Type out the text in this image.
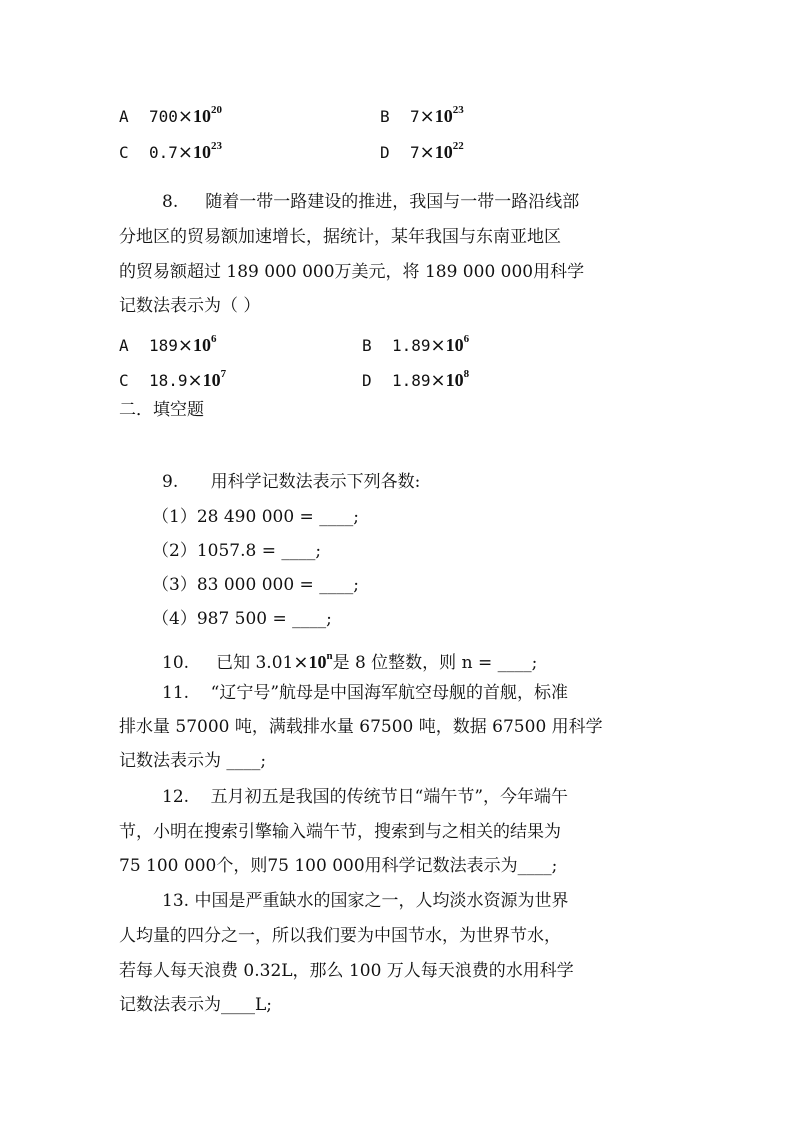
A $700\times 10^{20}$	B $7\times 10^{23}$
C $0.7\times 10^{23}$	D $7\times 10^{22}$
8. 随着一带一路建设的推进，我国与一带一路沿线部
分地区的贸易额加速增长，据统计，某年我国与东南亚地区
的贸易额超过 189 000 000万美元，将 189 000 000用科学
记数法表示为（ ）
A $189\times 10^6$	B $1.89\times 10^6$
C $18.9\times 10^7$	D $1.89\times 10^8$
二．填空题
9. 用科学记数法表示下列各数:
（1）28 490 000 = ____;
（2）1057.8 = ____;
（3）83 000 000 = ____;
（4）987 500 = ____;
10. 已知 $3.01\times 10^n$是 8 位整数，则 n = ____;
11. “辽宁号”航母是中国海军航空母舰的首舰，标准
排水量 57000 吨，满载排水量 67500 吨，数据 67500 用科学
记数法表示为 ____;
12. 五月初五是我国的传统节日“端午节”，今年端午
节，小明在搜索引擎输入端午节，搜索到与之相关的结果为
75 100 000个，则75 100 000用科学记数法表示为____;
13. 中国是严重缺水的国家之一，人均淡水资源为世界
人均量的四分之一，所以我们要为中国节水，为世界节水，
若每人每天浪费 0.32L，那么 100 万人每天浪费的水用科学
记数法表示为____L;
